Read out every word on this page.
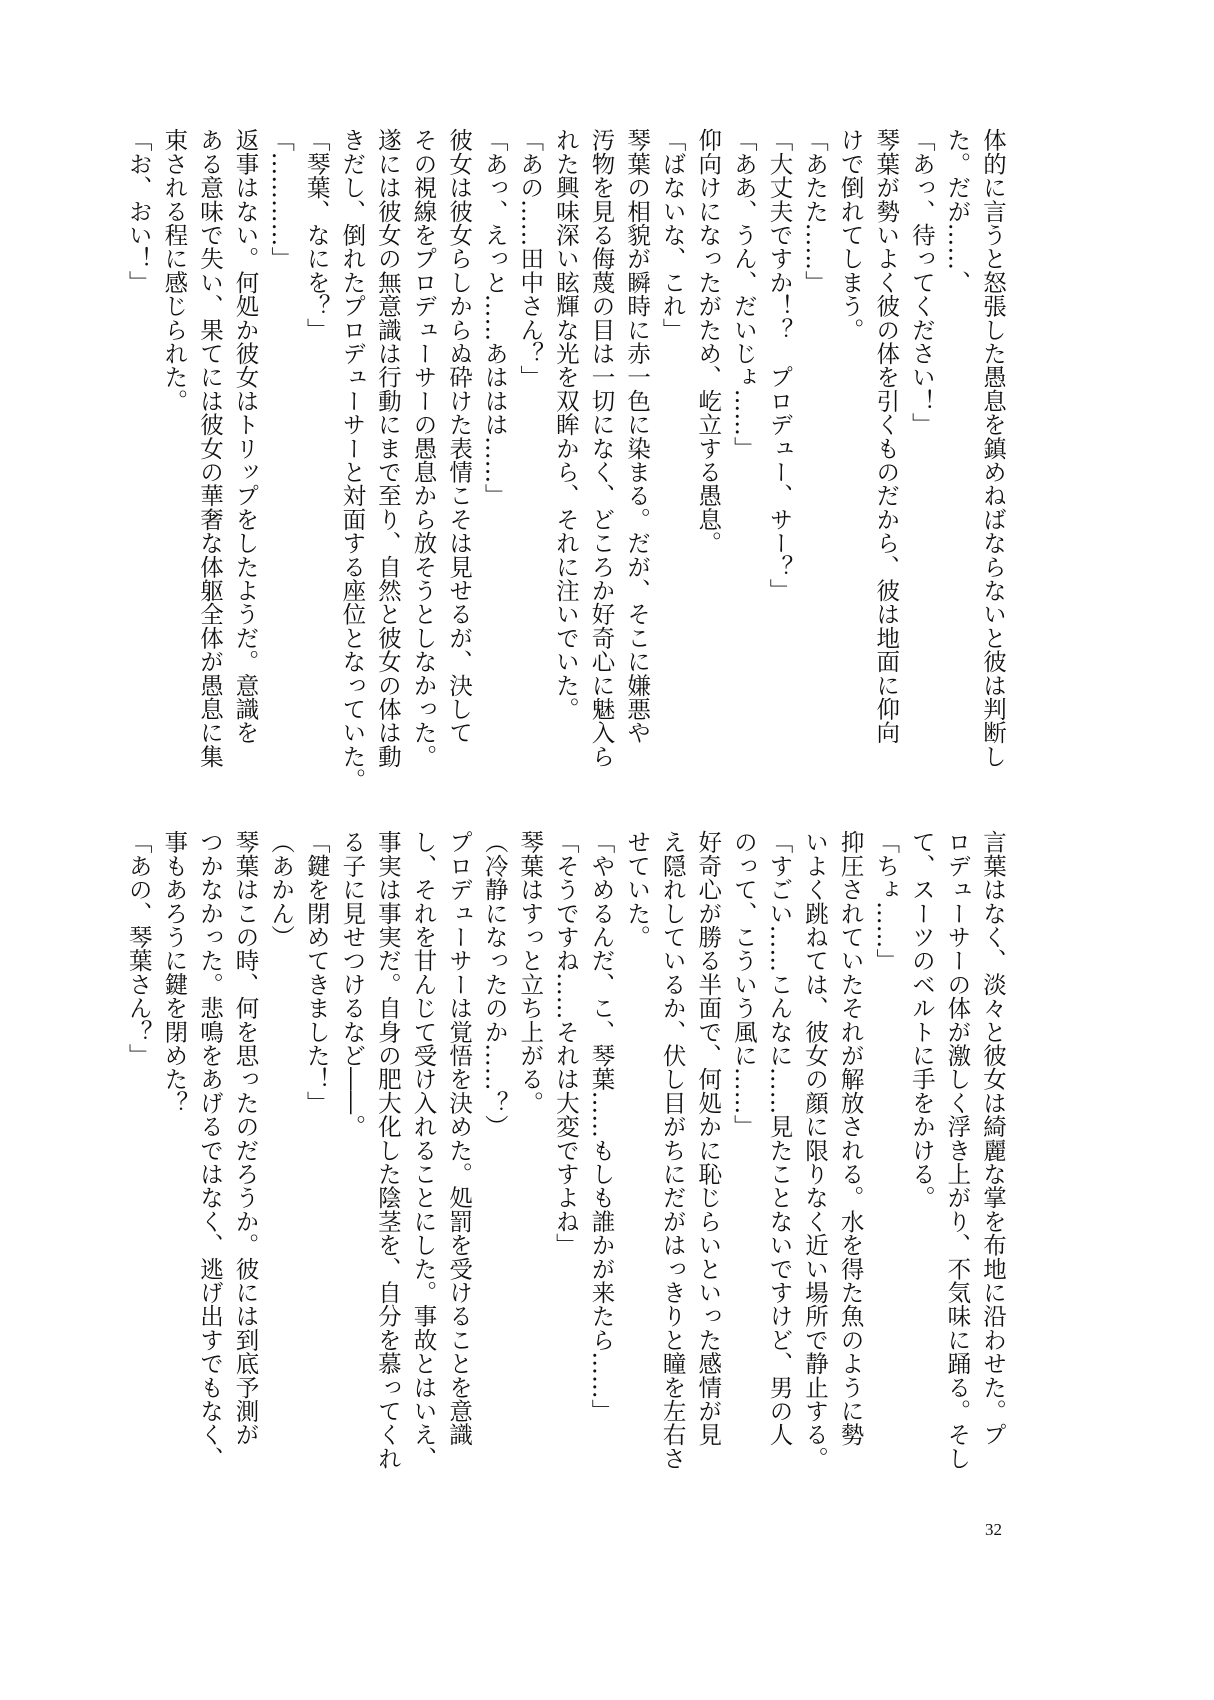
体的に言うと怒張した愚息を鎮めねばならないと彼は判断し
た。だが……、
「あっ、待ってください！」
琴葉が勢いよく彼の体を引くものだから、彼は地面に仰向
けで倒れてしまう。
「あたた……」
「大丈夫ですか！？　プロデュー、サー？」
「ああ、うん、だいじょ……」
仰向けになったがため、屹立する愚息。
「ばないな、これ」
琴葉の相貌が瞬時に赤一色に染まる。だが、そこに嫌悪や
汚物を見る侮蔑の目は一切になく、どころか好奇心に魅入ら
れた興味深い眩輝な光を双眸から、それに注いでいた。
「あの……田中さん？」
「あっ、えっと……あははは……」
彼女は彼女らしからぬ砕けた表情こそは見せるが、決して
その視線をプロデューサーの愚息から放そうとしなかった。
遂には彼女の無意識は行動にまで至り、自然と彼女の体は動
きだし、倒れたプロデューサーと対面する座位となっていた。
「琴葉、なにを？」
「…………」
返事はない。何処か彼女はトリップをしたようだ。意識を
ある意味で失い、果てには彼女の華奢な体躯全体が愚息に集
束される程に感じられた。
「お、おい！」
言葉はなく、淡々と彼女は綺麗な掌を布地に沿わせた。プ
ロデューサーの体が激しく浮き上がり、不気味に踊る。そし
て、スーツのベルトに手をかける。
「ちょ……」
抑圧されていたそれが解放される。水を得た魚のように勢
いよく跳ねては、彼女の顔に限りなく近い場所で静止する。
「すごい……こんなに……見たことないですけど、男の人
のって、こういう風に……」
好奇心が勝る半面で、何処かに恥じらいといった感情が見
え隠れしているか、伏し目がちにだがはっきりと瞳を左右さ
せていた。
「やめるんだ、こ、琴葉……もしも誰かが来たら……」
「そうですね……それは大変ですよね」
琴葉はすっと立ち上がる。
（冷静になったのか……？）
プロデューサーは覚悟を決めた。処罰を受けることを意識
し、それを甘んじて受け入れることにした。事故とはいえ、
事実は事実だ。自身の肥大化した陰茎を、自分を慕ってくれ
る子に見せつけるなど――。
「鍵を閉めてきました！」
（あかん）
琴葉はこの時、何を思ったのだろうか。彼には到底予測が
つかなかった。悲鳴をあげるではなく、逃げ出すでもなく、
事もあろうに鍵を閉めた？
「あの、琴葉さん？」
32
